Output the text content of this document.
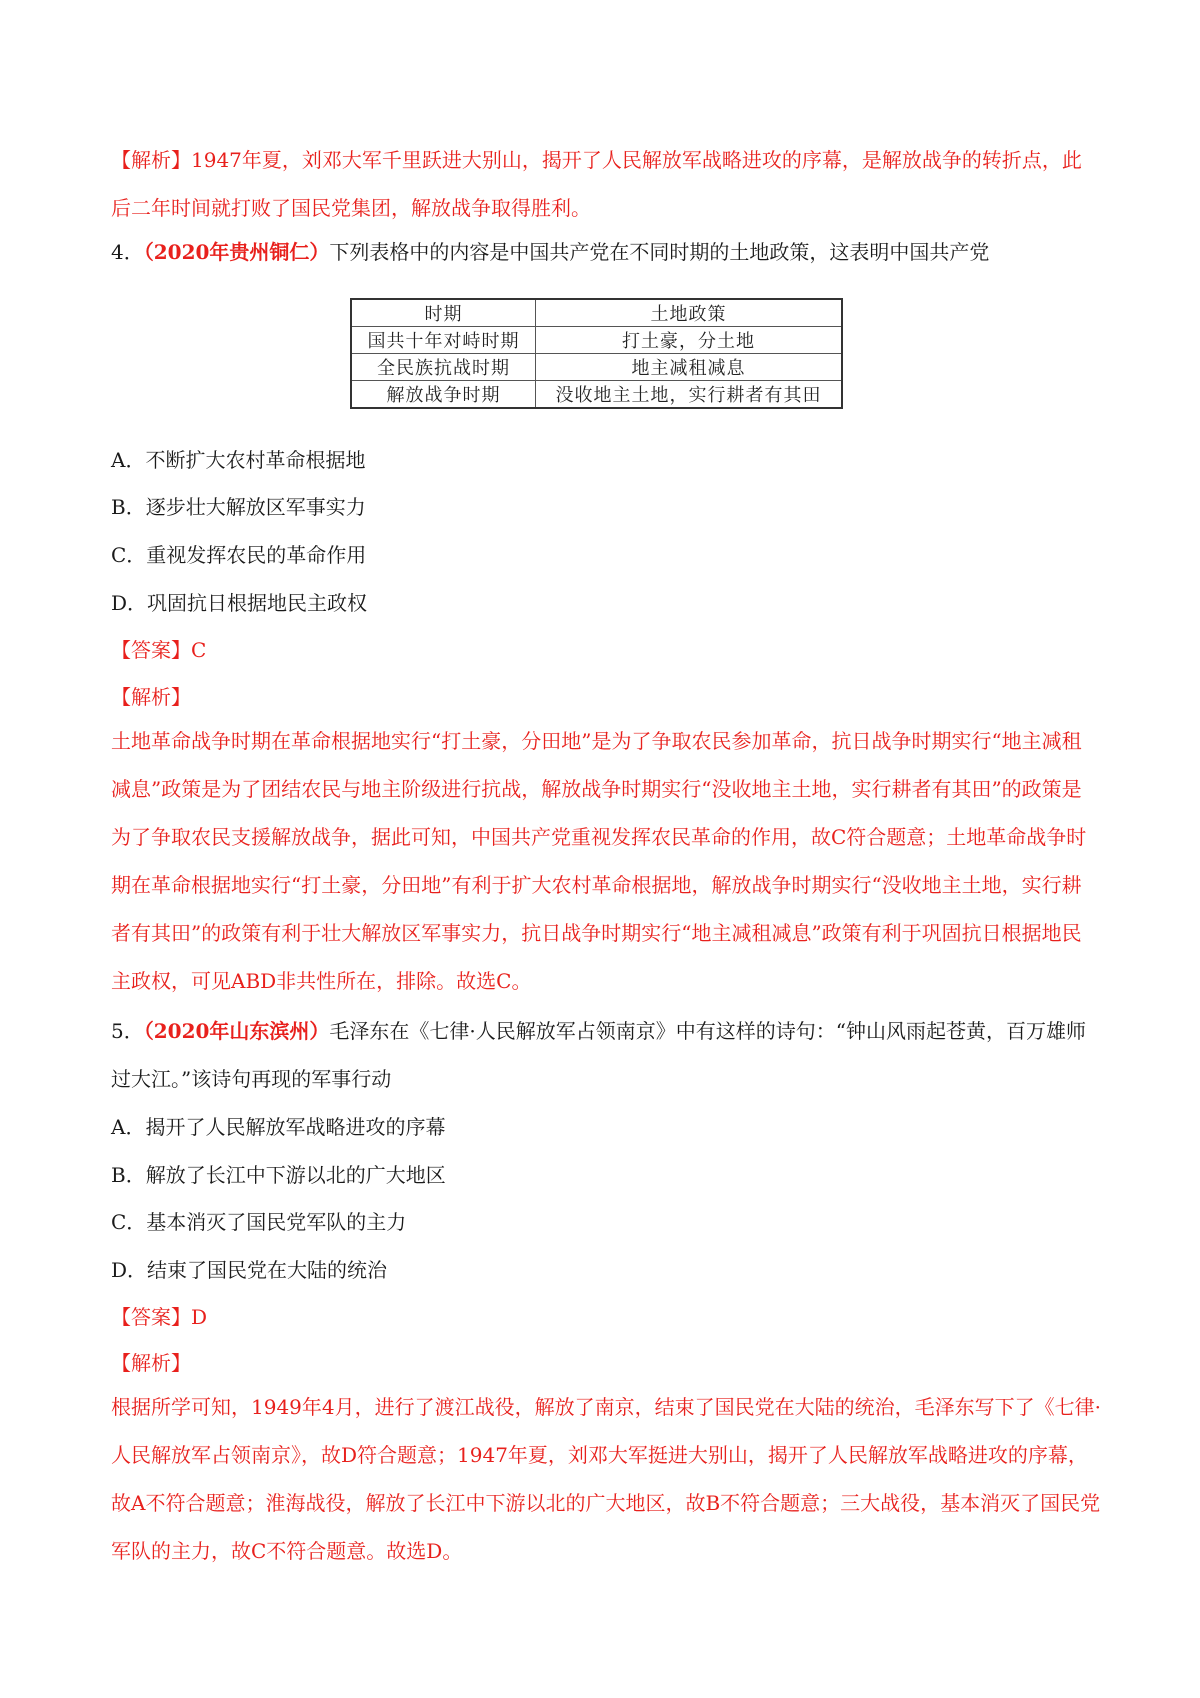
【解析】1947年夏，刘邓大军千里跃进大别山，揭开了人民解放军战略进攻的序幕，是解放战争的转折点，此后二年时间就打败了国民党集团，解放战争取得胜利。
4．（2020年贵州铜仁）下列表格中的内容是中国共产党在不同时期的土地政策，这表明中国共产党
时期	土地政策
国共十年对峙时期	打土豪，分土地
全民族抗战时期	地主减租减息
解放战争时期	没收地主土地，实行耕者有其田
A．不断扩大农村革命根据地
B．逐步壮大解放区军事实力
C．重视发挥农民的革命作用
D．巩固抗日根据地民主政权
【答案】C
【解析】
土地革命战争时期在革命根据地实行“打土豪，分田地”是为了争取农民参加革命，抗日战争时期实行“地主减租减息”政策是为了团结农民与地主阶级进行抗战，解放战争时期实行“没收地主土地，实行耕者有其田”的政策是为了争取农民支援解放战争，据此可知，中国共产党重视发挥农民革命的作用，故C符合题意；土地革命战争时期在革命根据地实行“打土豪，分田地”有利于扩大农村革命根据地，解放战争时期实行“没收地主土地，实行耕者有其田”的政策有利于壮大解放区军事实力，抗日战争时期实行“地主减租减息”政策有利于巩固抗日根据地民主政权，可见ABD非共性所在，排除。故选C。
5．（2020年山东滨州）毛泽东在《七律·人民解放军占领南京》中有这样的诗句：“钟山风雨起苍黄，百万雄师过大江。”该诗句再现的军事行动
A．揭开了人民解放军战略进攻的序幕
B．解放了长江中下游以北的广大地区
C．基本消灭了国民党军队的主力
D．结束了国民党在大陆的统治
【答案】D
【解析】
根据所学可知，1949年4月，进行了渡江战役，解放了南京，结束了国民党在大陆的统治，毛泽东写下了《七律·人民解放军占领南京》，故D符合题意；1947年夏，刘邓大军挺进大别山，揭开了人民解放军战略进攻的序幕，故A不符合题意；淮海战役，解放了长江中下游以北的广大地区，故B不符合题意；三大战役，基本消灭了国民党军队的主力，故C不符合题意。故选D。
